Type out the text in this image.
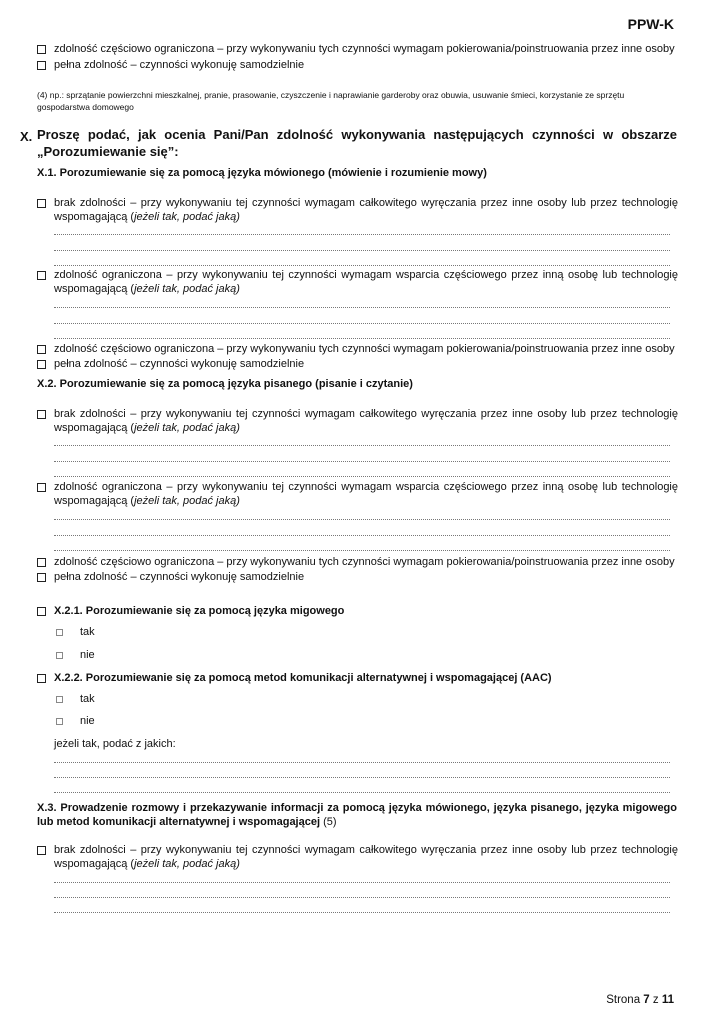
PPW-K
zdolność częściowo ograniczona – przy wykonywaniu tych czynności wymagam pokierowania/poinstruowania przez inne osoby
pełna zdolność – czynności wykonuję samodzielnie
(4) np.: sprzątanie powierzchni mieszkalnej, pranie, prasowanie, czyszczenie i naprawianie garderoby oraz obuwia, usuwanie śmieci, korzystanie ze sprzętu gospodarstwa domowego
X. Proszę podać, jak ocenia Pani/Pan zdolność wykonywania następujących czynności w obszarze
„Porozumiewanie się”:
X.1. Porozumiewanie się za pomocą języka mówionego (mówienie i rozumienie mowy)
brak zdolności – przy wykonywaniu tej czynności wymagam całkowitego wyręczania przez inne osoby lub przez technologię
wspomagającą (jeżeli tak, podać jaką)
zdolność ograniczona – przy wykonywaniu tej czynności wymagam wsparcia częściowego przez inną osobę lub technologię
wspomagającą (jeżeli tak, podać jaką)
zdolność częściowo ograniczona – przy wykonywaniu tych czynności wymagam pokierowania/poinstruowania przez inne osoby
pełna zdolność – czynności wykonuję samodzielnie
X.2. Porozumiewanie się za pomocą języka pisanego (pisanie i czytanie)
brak zdolności – przy wykonywaniu tej czynności wymagam całkowitego wyręczania przez inne osoby lub przez technologię
wspomagającą (jeżeli tak, podać jaką)
zdolność ograniczona – przy wykonywaniu tej czynności wymagam wsparcia częściowego przez inną osobę lub technologię
wspomagającą (jeżeli tak, podać jaką)
zdolność częściowo ograniczona – przy wykonywaniu tych czynności wymagam pokierowania/poinstruowania przez inne osoby
pełna zdolność – czynności wykonuję samodzielnie
X.2.1. Porozumiewanie się za pomocą języka migowego
tak
nie
X.2.2. Porozumiewanie się za pomocą metod komunikacji alternatywnej i wspomagającej (AAC)
tak
nie
jeżeli tak, podać z jakich:
X.3. Prowadzenie rozmowy i przekazywanie informacji za pomocą języka mówionego, języka pisanego, języka migowego
lub metod komunikacji alternatywnej i wspomagającej (5)
brak zdolności – przy wykonywaniu tej czynności wymagam całkowitego wyręczania przez inne osoby lub przez technologię
wspomagającą (jeżeli tak, podać jaką)
Strona 7 z 11
